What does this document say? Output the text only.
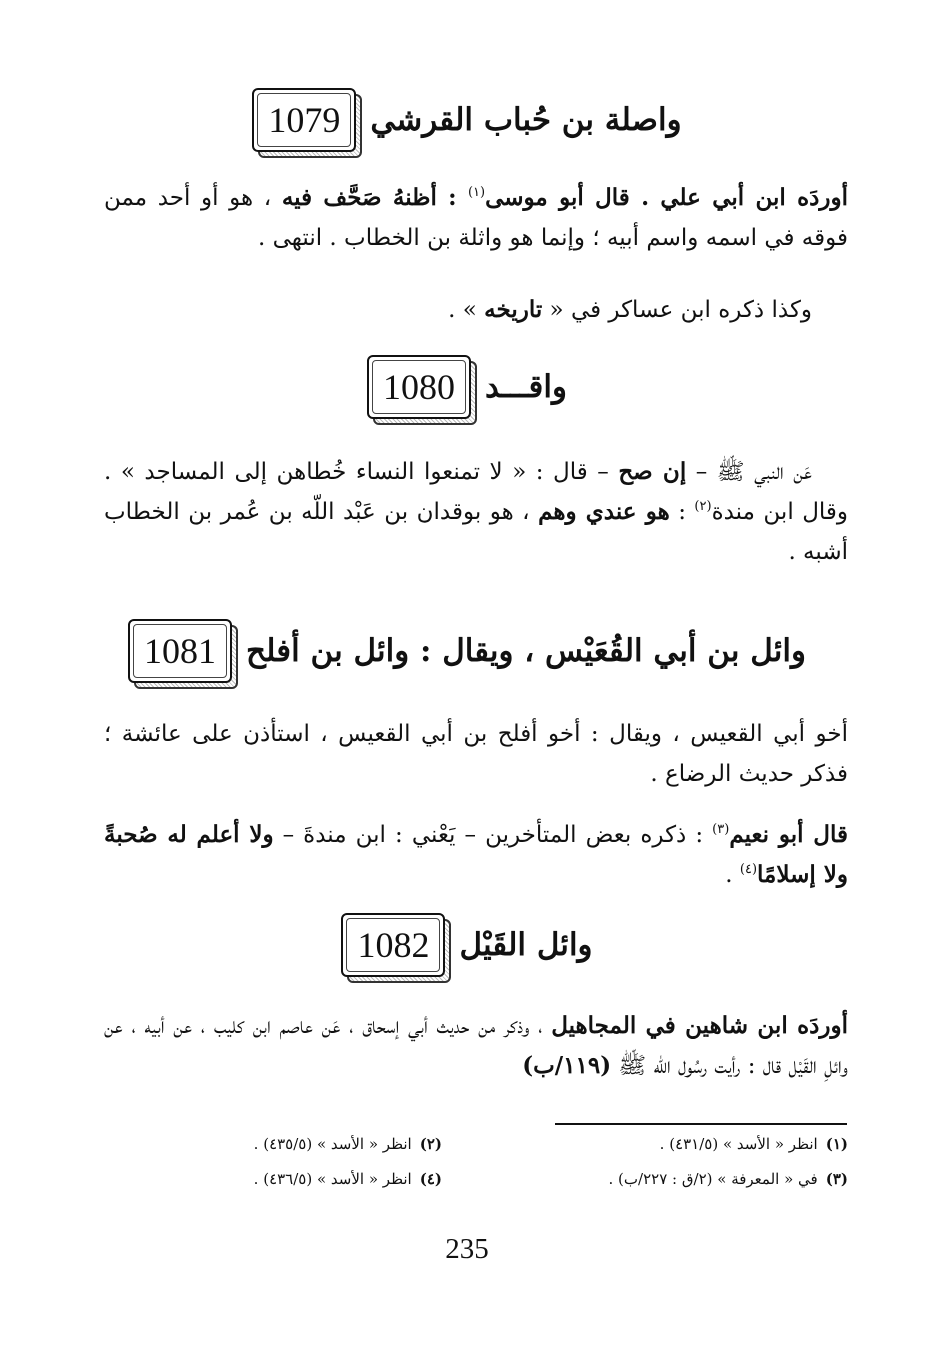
1079 واصلة بن حُباب القرشي
أوردَه ابن أبي علي . قال أبو موسى$^{(١)}$ : أظنهُ صَحَّف فيه ، هو أو أحد ممن فوقه في اسمه واسم أبيه ؛ وإنما هو واثلة بن الخطاب . انتهى .
وكذا ذكره ابن عساكر في « تاريخه » .
1080 واقـــد
عَن النبي ﷺ – إن صح – قال : « لا تمنعوا النساء خُطاهن إلى المساجد » . وقال ابن مندة$^{(٢)}$ : هو عندي وهم ، هو بوقدان بن عَبْد اللّه بن عُمر بن الخطاب أشبه .
1081 وائل بن أبي القُعَيْس ، ويقال : وائل بن أفلح
أخو أبي القعيس ، ويقال : أخو أفلح بن أبي القعيس ، استأذن على عائشة ؛ فذكر حديث الرضاع .
قال أبو نعيم$^{(٣)}$ : ذكره بعض المتأخرين – يَعْني : ابن مندةَ – ولا أعلم له صُحبةً ولا إسلامًا$^{(٤)}$ .
1082 وائل القَيْل
أوردَه ابن شاهين في المجاهيل ، وذكر من حديث أبي إسحاق ، عَن عاصم ابن كليب ، عن أبيه ، عن وائلِ القَيْل قال : رأيت رسُول اللّه ﷺ (١١٩/ب)
(١)انظر « الأسد » (٤٣١/٥) .
(٢)انظر « الأسد » (٤٣٥/٥) .
(٣)في « المعرفة » (٢/ق : ٢٢٧/ب) .
(٤)انظر « الأسد » (٤٣٦/٥) .
235
